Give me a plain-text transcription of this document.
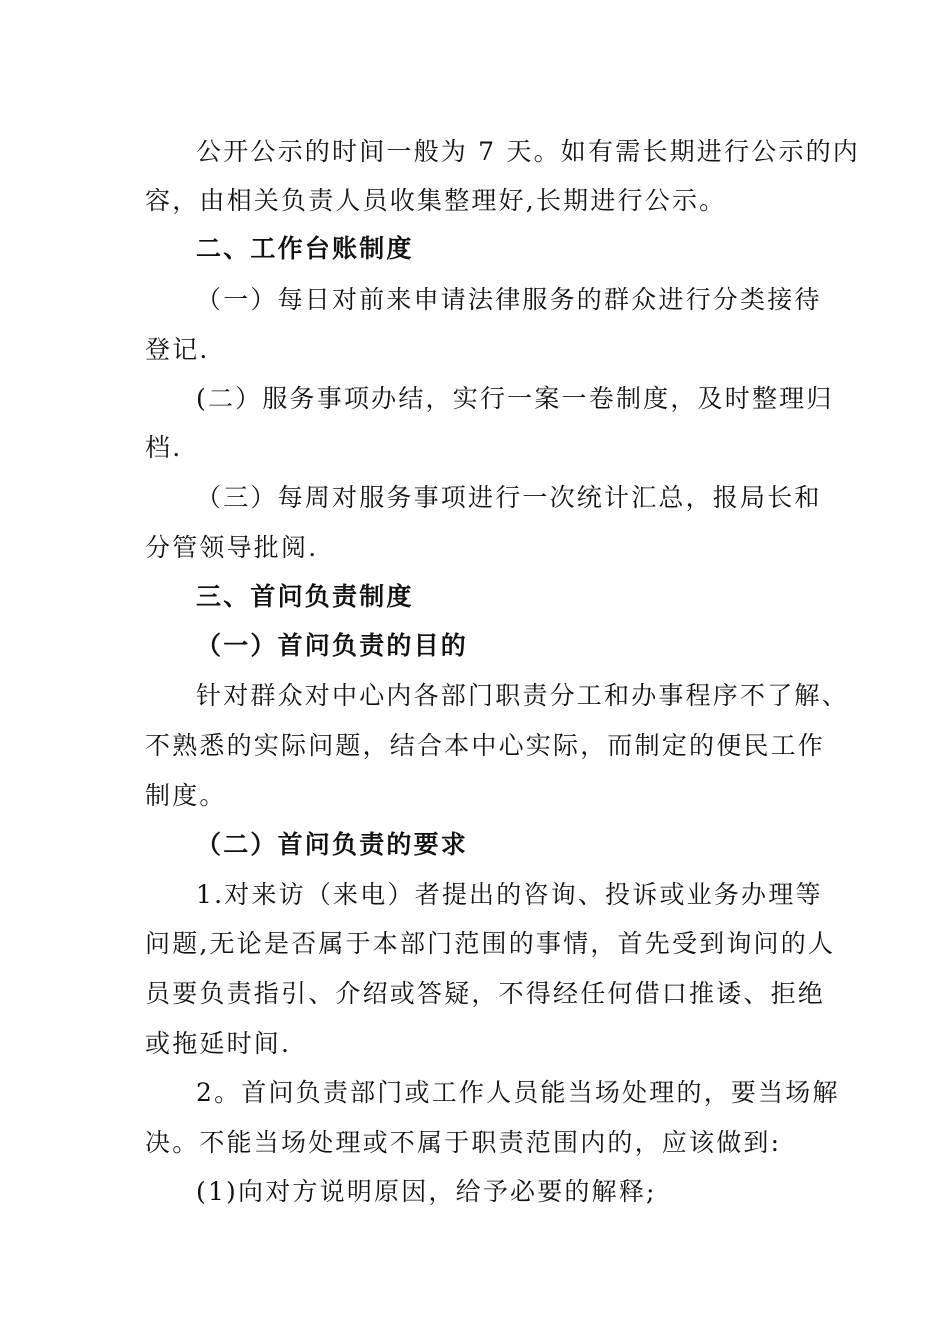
公开公示的时间一般为 7 天。如有需长期进行公示的内
容，由相关负责人员收集整理好,长期进行公示。
二、工作台账制度
（一）每日对前来申请法律服务的群众进行分类接待
登记.
(二）服务事项办结，实行一案一卷制度，及时整理归
档.
（三）每周对服务事项进行一次统计汇总，报局长和
分管领导批阅.
三、首问负责制度
（一）首问负责的目的
针对群众对中心内各部门职责分工和办事程序不了解、
不熟悉的实际问题，结合本中心实际，而制定的便民工作
制度。
（二）首问负责的要求
1.对来访（来电）者提出的咨询、投诉或业务办理等
问题,无论是否属于本部门范围的事情，首先受到询问的人
员要负责指引、介绍或答疑，不得经任何借口推诿、拒绝
或拖延时间.
2。首问负责部门或工作人员能当场处理的，要当场解
决。不能当场处理或不属于职责范围内的，应该做到:
(1)向对方说明原因，给予必要的解释;
